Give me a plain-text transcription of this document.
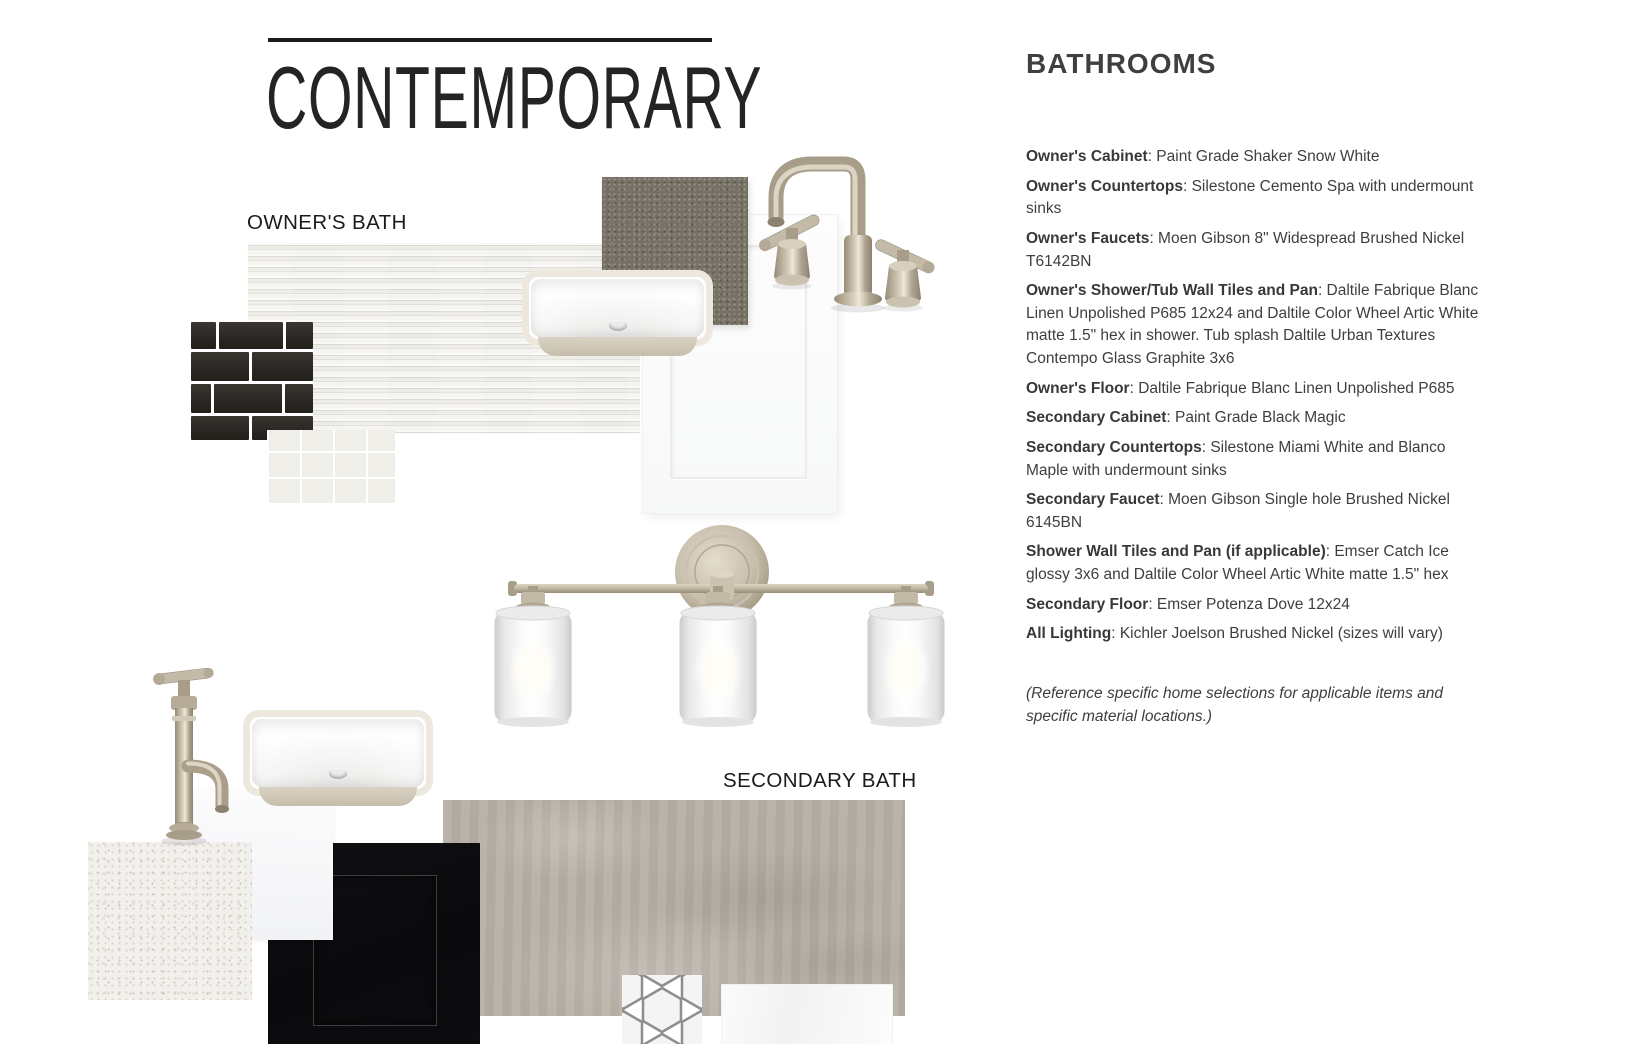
CONTEMPORARY
OWNER'S BATH
SECONDARY BATH
BATHROOMS

Owner's Cabinet: Paint Grade Shaker Snow White

Owner's Countertops: Silestone Cemento Spa with undermount sinks

Owner's Faucets: Moen Gibson 8" Widespread Brushed Nickel T6142BN

Owner's Shower/Tub Wall Tiles and Pan: Daltile Fabrique Blanc Linen Unpolished P685 12x24 and Daltile Color Wheel Artic White matte 1.5" hex in shower. Tub splash Daltile Urban Textures Contempo Glass Graphite 3x6

Owner's Floor: Daltile Fabrique Blanc Linen Unpolished P685

Secondary Cabinet: Paint Grade Black Magic

Secondary Countertops: Silestone Miami White and Blanco Maple with undermount sinks

Secondary Faucet: Moen Gibson Single hole Brushed Nickel 6145BN

Shower Wall Tiles and Pan (if applicable): Emser Catch Ice glossy 3x6 and Daltile Color Wheel Artic White matte 1.5" hex

Secondary Floor: Emser Potenza Dove 12x24

All Lighting: Kichler Joelson Brushed Nickel (sizes will vary)

(Reference specific home selections for applicable items and specific material locations.)
